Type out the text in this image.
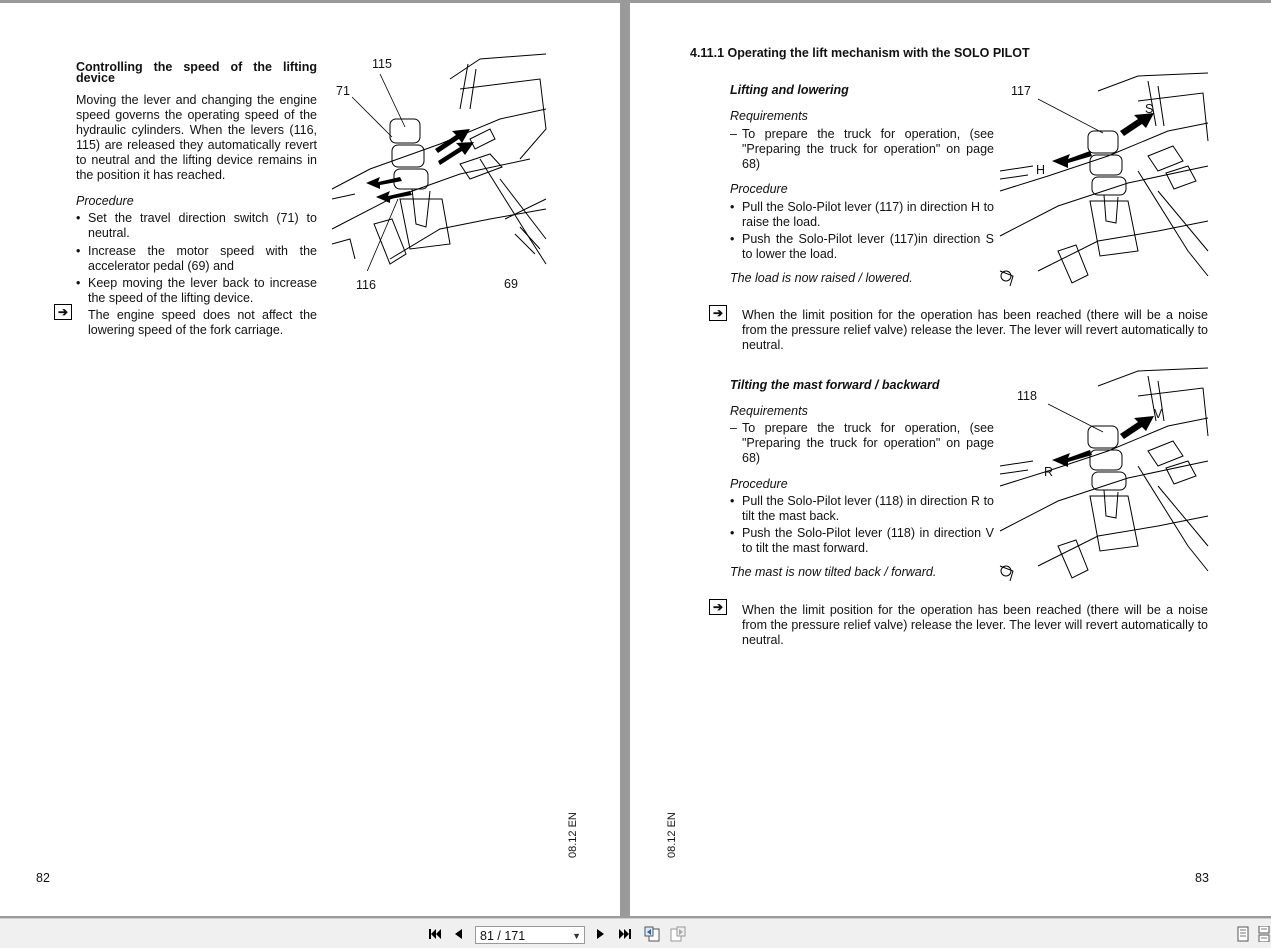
Controlling the speed of the lifting device
Moving the lever and changing the engine speed governs the operating speed of the hydraulic cylinders. When the levers (116, 115) are released they automatically revert to neutral and the lifting device remains in the position it has reached.
Procedure
• Set the travel direction switch (71) to neutral.
• Increase the motor speed with the accelerator pedal (69) and
• Keep moving the lever back to increase the speed of the lifting device.
➔	The engine speed does not affect the lowering speed of the fork carriage.
115
71
116	69
08.12 EN
82
4.11.1 Operating the lift mechanism with the SOLO PILOT
Lifting and lowering
Requirements
– To prepare the truck for operation, (see "Preparing the truck for operation" on page 68)
Procedure
• Pull the Solo-Pilot lever (117) in direction H to raise the load.
• Push the Solo-Pilot lever (117)in direction S to lower the load.
The load is now raised / lowered.
117
S
H
➔	When the limit position for the operation has been reached (there will be a noise from the pressure relief valve) release the lever. The lever will revert automatically to neutral.
Tilting the mast forward / backward
Requirements
– To prepare the truck for operation, (see "Preparing the truck for operation" on page 68)
Procedure
• Pull the Solo-Pilot lever (118) in direction R to tilt the mast back.
• Push the Solo-Pilot lever (118) in direction V to tilt the mast forward.
The mast is now tilted back / forward.
118
V
R
➔	When the limit position for the operation has been reached (there will be a noise from the pressure relief valve) release the lever. The lever will revert automatically to neutral.
08.12 EN
83
81 / 171	▼
